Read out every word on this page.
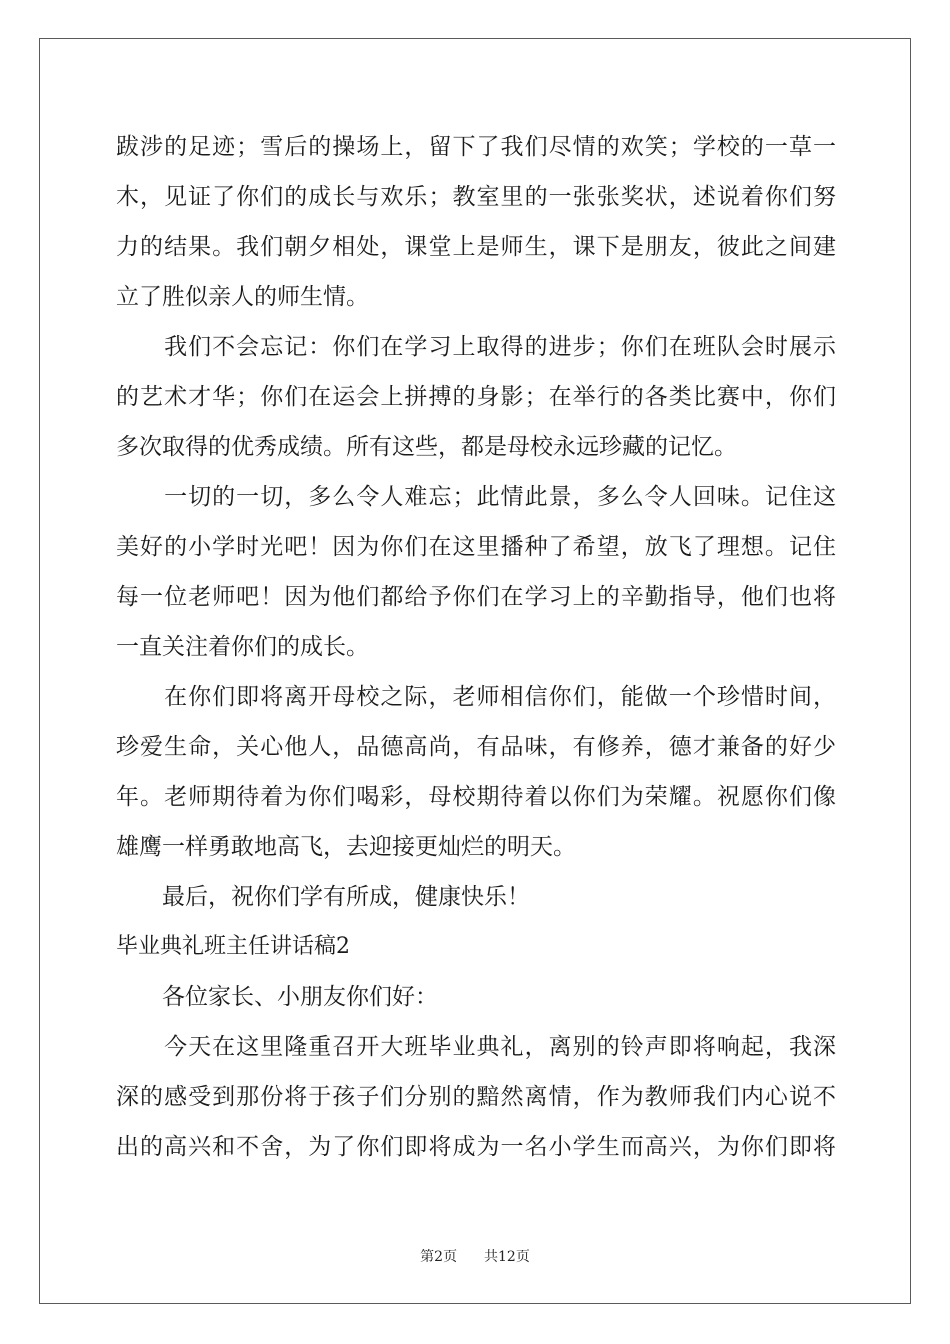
跋涉的足迹；雪后的操场上，留下了我们尽情的欢笑；学校的一草一
木，见证了你们的成长与欢乐；教室里的一张张奖状，述说着你们努
力的结果。我们朝夕相处，课堂上是师生，课下是朋友，彼此之间建
立了胜似亲人的师生情。
　　我们不会忘记：你们在学习上取得的进步；你们在班队会时展示
的艺术才华；你们在运会上拼搏的身影；在举行的各类比赛中，你们
多次取得的优秀成绩。所有这些，都是母校永远珍藏的记忆。
　　一切的一切，多么令人难忘；此情此景，多么令人回味。记住这
美好的小学时光吧！因为你们在这里播种了希望，放飞了理想。记住
每一位老师吧！因为他们都给予你们在学习上的辛勤指导，他们也将
一直关注着你们的成长。
　　在你们即将离开母校之际，老师相信你们，能做一个珍惜时间，
珍爱生命，关心他人，品德高尚，有品味，有修养，德才兼备的好少
年。老师期待着为你们喝彩，母校期待着以你们为荣耀。祝愿你们像
雄鹰一样勇敢地高飞，去迎接更灿烂的明天。
　　最后，祝你们学有所成，健康快乐！
毕业典礼班主任讲话稿2
　　各位家长、小朋友你们好：
　　今天在这里隆重召开大班毕业典礼，离别的铃声即将响起，我深
深的感受到那份将于孩子们分别的黯然离情，作为教师我们内心说不
出的高兴和不舍，为了你们即将成为一名小学生而高兴，为你们即将
第2页 共12页
